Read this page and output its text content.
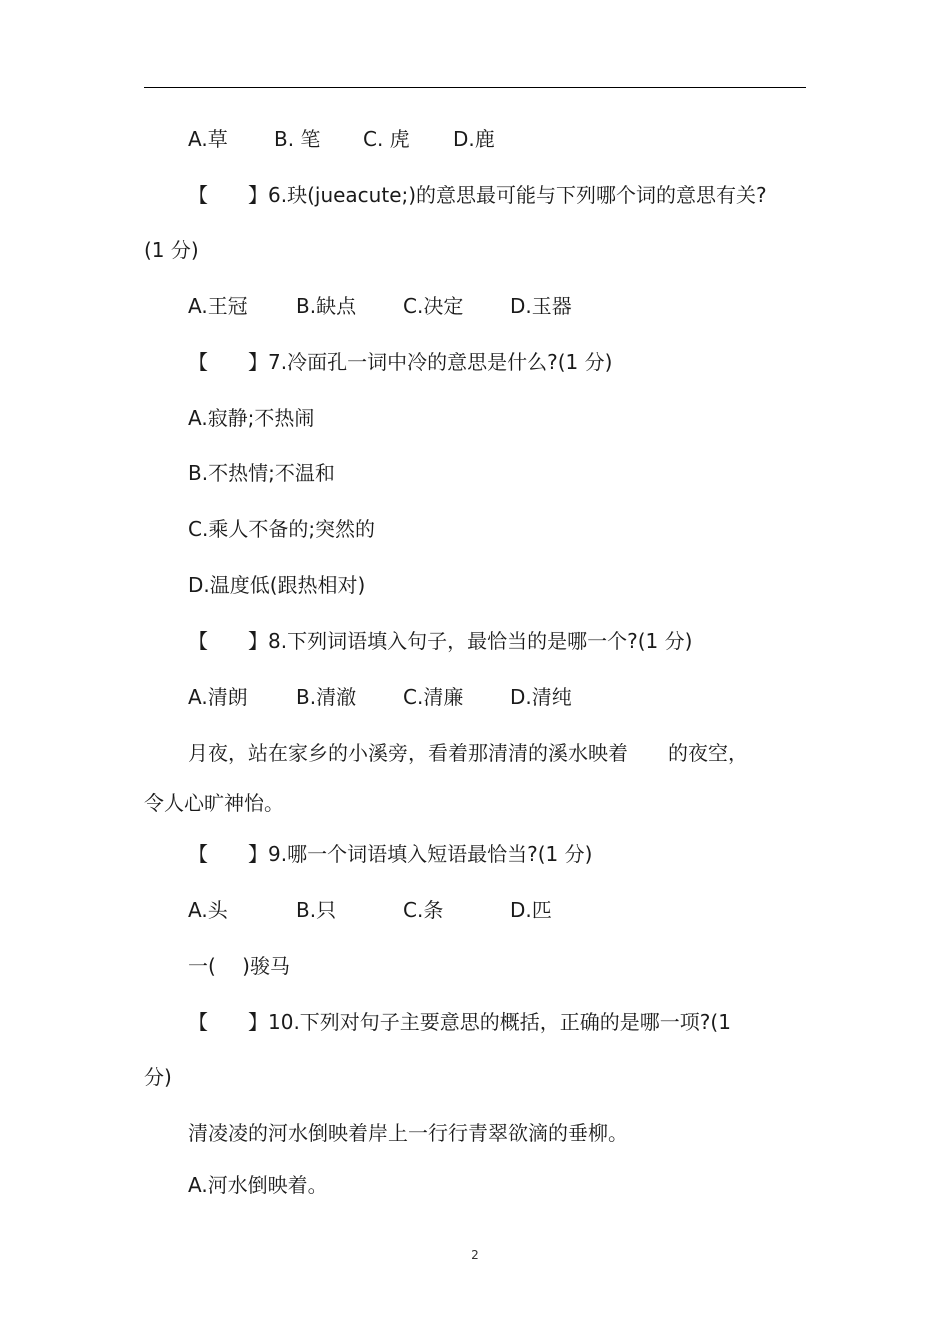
A.草 B. 笔 C. 虎 D.鹿
【　　】6.玦(jueacute;)的意思最可能与下列哪个词的意思有关?
(1 分)
A.王冠 B.缺点 C.决定 D.玉器
【　　】7.冷面孔一词中冷的意思是什么?(1 分)
A.寂静;不热闹
B.不热情;不温和
C.乘人不备的;突然的
D.温度低(跟热相对)
【　　】8.下列词语填入句子，最恰当的是哪一个?(1 分)
A.清朗 B.清澈 C.清廉 D.清纯
月夜，站在家乡的小溪旁，看着那清清的溪水映着　　的夜空，
令人心旷神怡。
【　　】9.哪一个词语填入短语最恰当?(1 分)
A.头	B.只	C.条	D.匹
一(　 )骏马
【　　】10.下列对句子主要意思的概括，正确的是哪一项?(1
分)
清凌凌的河水倒映着岸上一行行青翠欲滴的垂柳。
A.河水倒映着。
2
